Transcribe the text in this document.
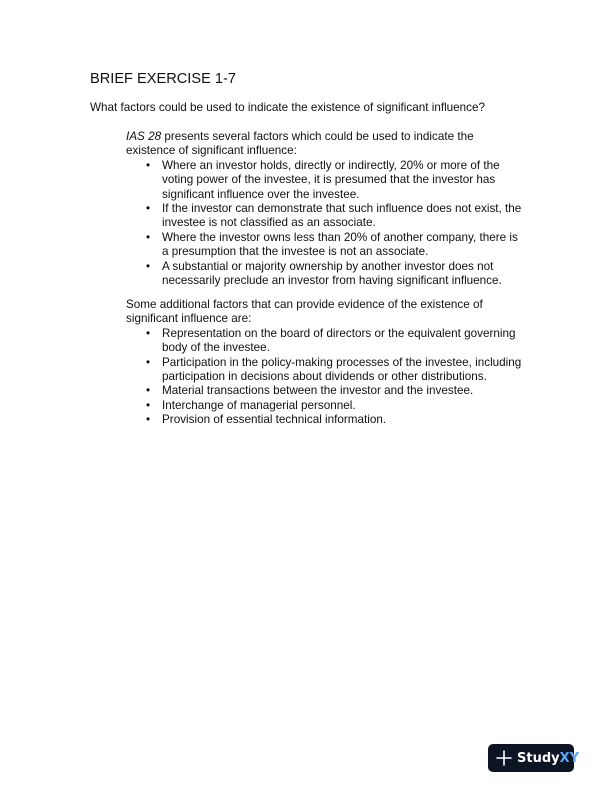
BRIEF EXERCISE 1-7

What factors could be used to indicate the existence of significant influence?

IAS 28 presents several factors which could be used to indicate the existence of significant influence:

• Where an investor holds, directly or indirectly, 20% or more of the voting power of the investee, it is presumed that the investor has significant influence over the investee.
• If the investor can demonstrate that such influence does not exist, the investee is not classified as an associate.
• Where the investor owns less than 20% of another company, there is a presumption that the investee is not an associate.
• A substantial or majority ownership by another investor does not necessarily preclude an investor from having significant influence.

Some additional factors that can provide evidence of the existence of significant influence are:

• Representation on the board of directors or the equivalent governing body of the investee.
• Participation in the policy-making processes of the investee, including participation in decisions about dividends or other distributions.
• Material transactions between the investor and the investee.
• Interchange of managerial personnel.
• Provision of essential technical information.
StudyXY
